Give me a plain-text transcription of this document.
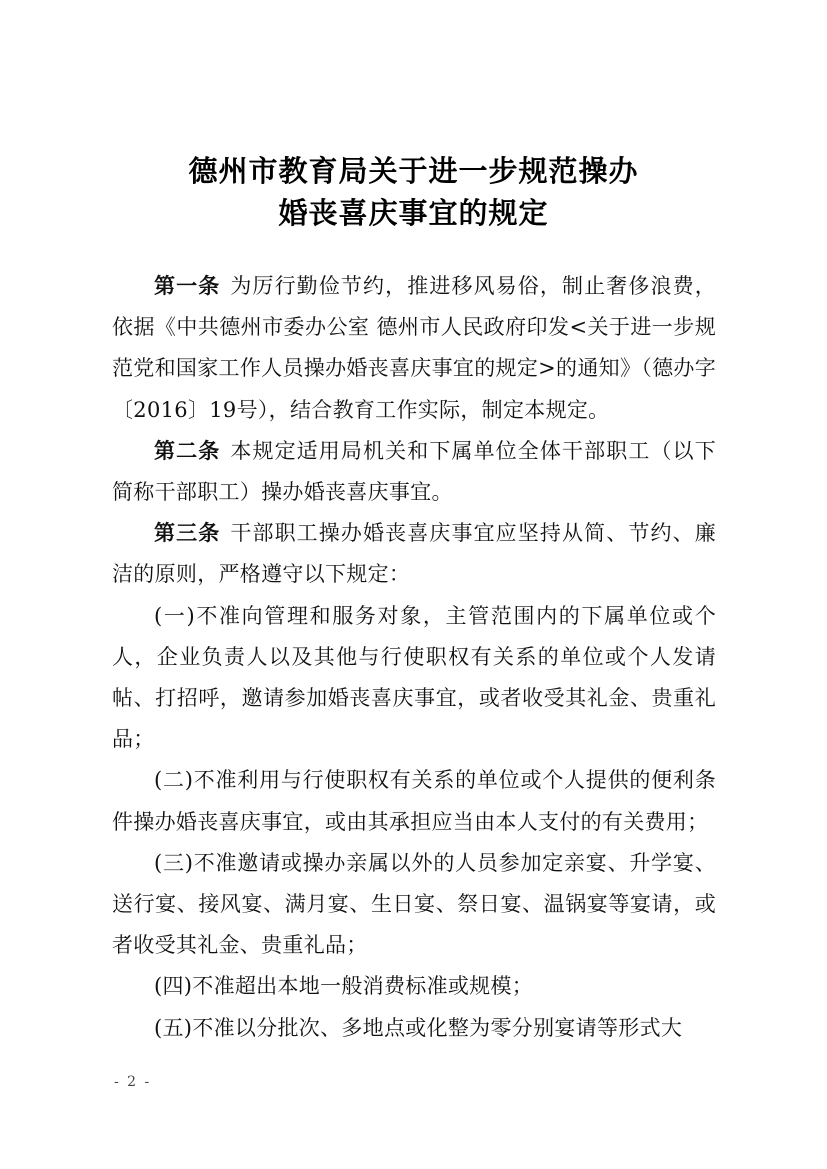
德州市教育局关于进一步规范操办
婚丧喜庆事宜的规定

第一条 为厉行勤俭节约，推进移风易俗，制止奢侈浪费，依据《中共德州市委办公室 德州市人民政府印发<关于进一步规范党和国家工作人员操办婚丧喜庆事宜的规定>的通知》（德办字〔2016〕19号），结合教育工作实际，制定本规定。

第二条 本规定适用局机关和下属单位全体干部职工（以下简称干部职工）操办婚丧喜庆事宜。

第三条 干部职工操办婚丧喜庆事宜应坚持从简、节约、廉洁的原则，严格遵守以下规定：

(一)不准向管理和服务对象，主管范围内的下属单位或个人，企业负责人以及其他与行使职权有关系的单位或个人发请帖、打招呼，邀请参加婚丧喜庆事宜，或者收受其礼金、贵重礼品；

(二)不准利用与行使职权有关系的单位或个人提供的便利条件操办婚丧喜庆事宜，或由其承担应当由本人支付的有关费用；

(三)不准邀请或操办亲属以外的人员参加定亲宴、升学宴、送行宴、接风宴、满月宴、生日宴、祭日宴、温锅宴等宴请，或者收受其礼金、贵重礼品；

(四)不准超出本地一般消费标准或规模；

(五)不准以分批次、多地点或化整为零分别宴请等形式大

- 2 -
